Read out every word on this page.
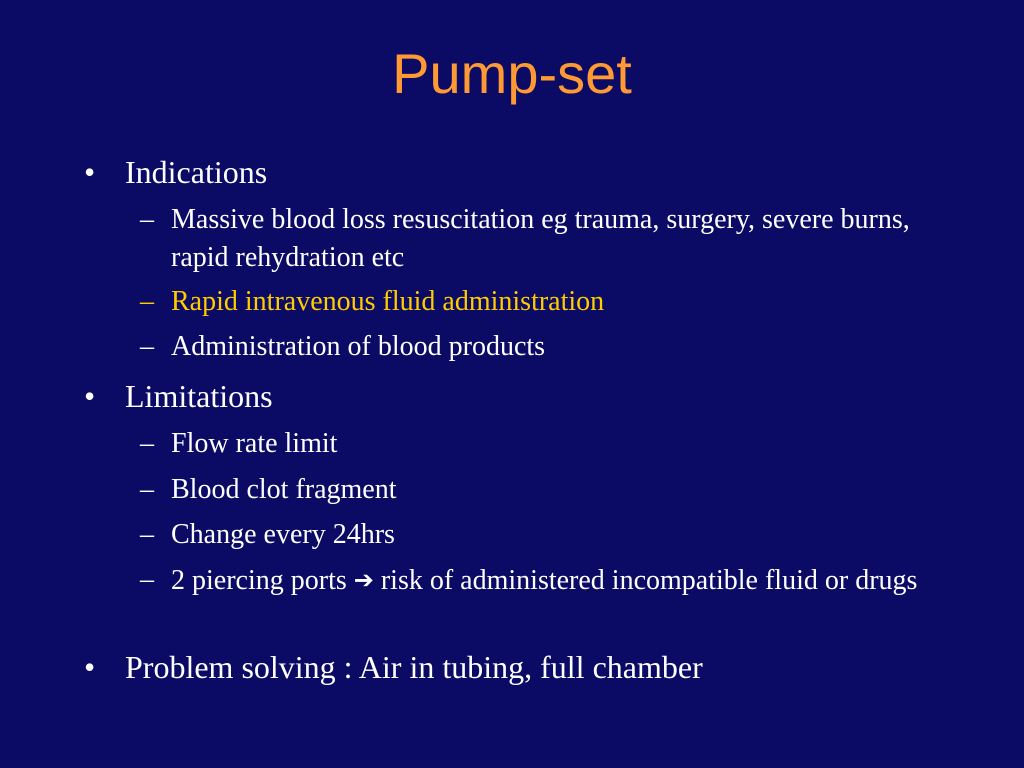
Pump-set
• Indications
– Massive blood loss resuscitation eg trauma, surgery, severe burns, rapid rehydration etc
– Rapid intravenous fluid administration
– Administration of blood products
• Limitations
– Flow rate limit
– Blood clot fragment
– Change every 24hrs
– 2 piercing ports ➔ risk of administered incompatible fluid or drugs
• Problem solving : Air in tubing, full chamber
